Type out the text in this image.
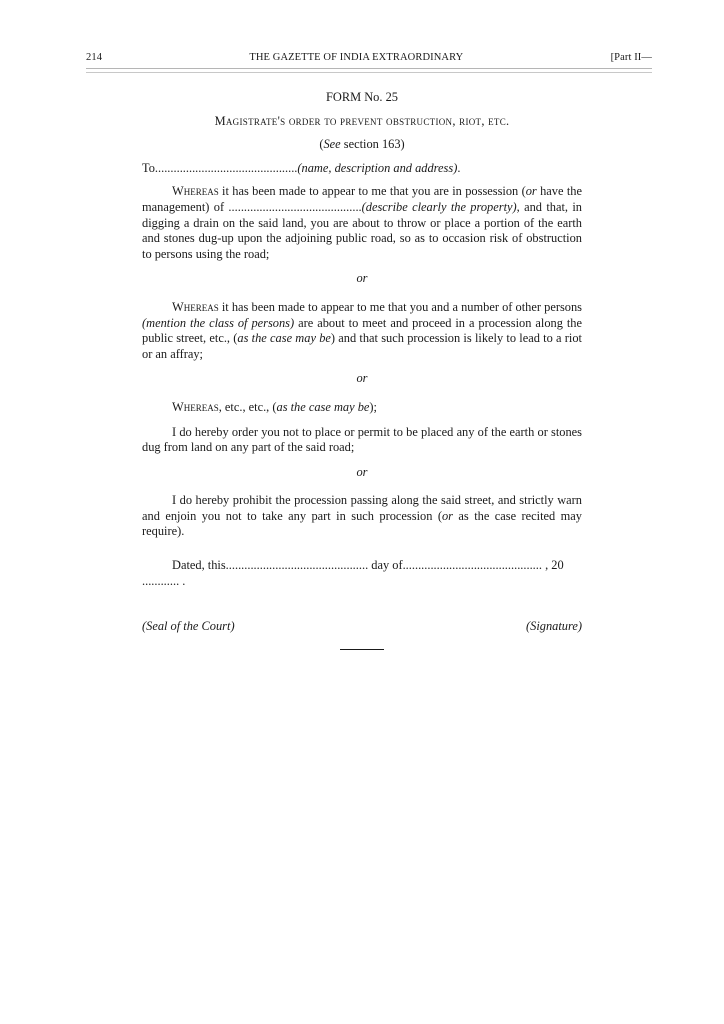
214	THE GAZETTE OF INDIA EXTRAORDINARY	[Part II—
FORM No. 25
Magistrate's order to prevent obstruction, riot, etc.
(See section 163)
To..............................................(name, description and address).

Whereas it has been made to appear to me that you are in possession (or have the management) of ...........................................(describe clearly the property), and that, in digging a drain on the said land, you are about to throw or place a portion of the earth and stones dug-up upon the adjoining public road, so as to occasion risk of obstruction to persons using the road;

or

Whereas it has been made to appear to me that you and a number of other persons (mention the class of persons) are about to meet and proceed in a procession along the public street, etc., (as the case may be) and that such procession is likely to lead to a riot or an affray;

or

Whereas, etc., etc., (as the case may be);

I do hereby order you not to place or permit to be placed any of the earth or stones dug from land on any part of the said road;

or

I do hereby prohibit the procession passing along the said street, and strictly warn and enjoin you not to take any part in such procession (or as the case recited may require).

Dated, this.............................................. day of............................................. , 20 ............ .
(Seal of the Court)	(Signature)
